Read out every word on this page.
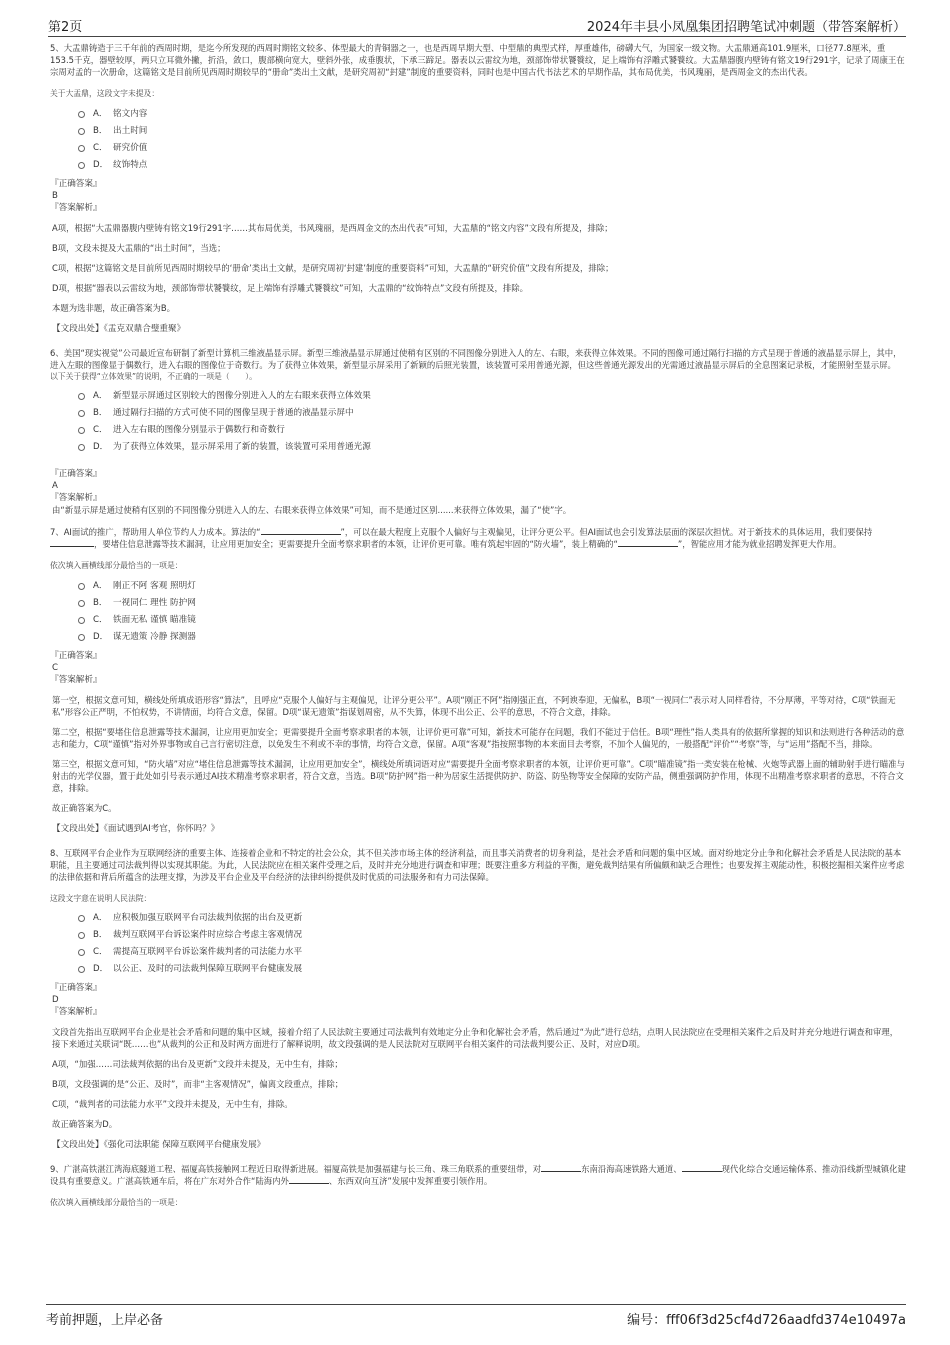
第2页	2024年丰县小凤凰集团招聘笔试冲刺题（带答案解析）

5、大盂鼎铸造于三千年前的西周时期，是迄今所发现的西周时期铭文较多、体型最大的青铜器之一，也是西周早期大型、中型鼎的典型式样，厚重雄伟，磅礴大气，为国家一级文物。大盂鼎通高101.9厘米，口径77.8厘米，重153.5千克，器壁较厚，两只立耳微外撇，折沿，敛口，腹部横向宽大，壁斜外张，成垂腹状，下承三蹄足。器表以云雷纹为地，颈部饰带状饕餮纹，足上端饰有浮雕式饕餮纹。大盂鼎器腹内壁铸有铭文19行291字，记录了周康王在宗周对孟的一次册命，这篇铭文是目前所见西周时期较早的“册命”类出土文献，是研究周初“封建”制度的重要资料，同时也是中国古代书法艺术的早期作品，其布局优美，书风瑰丽，是西周金文的杰出代表。

关于大盂鼎，这段文字未提及：

A． 铭文内容
B． 出土时间
C． 研究价值
D． 纹饰特点

『正确答案』

B

『答案解析』

A项，根据“大盂鼎器腹内壁铸有铭文19行291字……其布局优美，书风瑰丽，是西周金文的杰出代表”可知，大盂鼎的“铭文内容”文段有所提及，排除；

B项，文段未提及大盂鼎的“出土时间”，当选；

C项，根据“这篇铭文是目前所见西周时期较早的‘册命’类出土文献，是研究周初‘封建’制度的重要资料”可知，大盂鼎的“研究价值”文段有所提及，排除；

D项，根据“器表以云雷纹为地，颈部饰带状饕餮纹，足上端饰有浮雕式饕餮纹”可知，大盂鼎的“纹饰特点”文段有所提及，排除。

本题为选非题，故正确答案为B。

【文段出处】《盂克双鼎合璧重聚》

6、美国“现实视觉”公司最近宣布研制了新型计算机三维液晶显示屏。新型三维液晶显示屏通过使稍有区别的不同图像分别进入人的左、右眼，来获得立体效果。不同的图像可通过隔行扫描的方式呈现于普通的液晶显示屏上，其中，进入左眼的图像显于偶数行，进入右眼的图像位于奇数行。为了获得立体效果，新型显示屏采用了新颖的后照光装置，该装置可采用普通光源，但这些普通光源发出的光需通过液晶显示屏后的全息图案记录板，才能照射至显示屏。

以下关于获得“立体效果”的说明，不正确的一项是（　　）。

A． 新型显示屏通过区别较大的图像分别进入人的左右眼来获得立体效果
B． 通过隔行扫描的方式可使不同的图像呈现于普通的液晶显示屏中
C． 进入左右眼的图像分别显示于偶数行和奇数行
D． 为了获得立体效果，显示屏采用了新的装置，该装置可采用普通光源

『正确答案』

A

『答案解析』

由“新显示屏是通过使稍有区别的不同图像分别进入人的左、右眼来获得立体效果”可知，而不是通过区别......来获得立体效果，漏了“使”字。

7、AI面试的推广，帮助用人单位节约人力成本。算法的“	”，可以在最大程度上克服个人偏好与主观偏见，让评分更公平。但AI面试也会引发算法层面的深层次担忧。对于新技术的具体运用，我们要保持，要堵住信息泄露等技术漏洞，让应用更加安全；更需要提升全面考察求职者的本领，让评价更可靠。唯有筑起牢固的“防火墙”，装上精确的“	”，智能应用才能为就业招聘发挥更大作用。

依次填入画横线部分最恰当的一项是：

A． 刚正不阿 客观 照明灯
B． 一视同仁 理性 防护网
C． 铁面无私 谨慎 瞄准镜
D． 谋无遗策 冷静 探测器

『正确答案』

C

『答案解析』

第一空，根据文意可知，横线处所填成语形容“算法”，且呼应“克服个人偏好与主观偏见，让评分更公平”。A项“刚正不阿”指刚强正直，不阿谀奉迎，无偏私，B项“一视同仁”表示对人同样看待，不分厚薄，平等对待，C项“铁面无私”形容公正严明，不怕权势，不讲情面，均符合文意，保留。D项“谋无遗策”指谋划周密，从不失算，体现不出公正、公平的意思，不符合文意，排除。

第二空，根据“要堵住信息泄露等技术漏洞，让应用更加安全；更需要提升全面考察求职者的本领，让评价更可靠”可知，新技术可能存在问题，我们不能过于信任。B项“理性”指人类具有的依据所掌握的知识和法则进行各种活动的意志和能力，C项“谨慎”指对外界事物或自己言行密切注意，以免发生不利或不幸的事情，均符合文意，保留。A项“客观”指按照事物的本来面目去考察，不加个人偏见的，一般搭配“评价”“考察”等，与“运用”搭配不当，排除。

第三空，根据文意可知，“防火墙”对应“堵住信息泄露等技术漏洞，让应用更加安全”，横线处所填词语对应“需要提升全面考察求职者的本领，让评价更可靠”。C项“瞄准镜”指一类安装在枪械、火炮等武器上面的辅助射手进行瞄准与射击的光学仪器，置于此处如引号表示通过AI技术精准考察求职者，符合文意，当选。B项“防护网”指一种为居家生活提供防护、防盗、防坠物等安全保障的安防产品，侧重强调防护作用，体现不出精准考察求职者的意思，不符合文意，排除。

故正确答案为C。

【文段出处】《面试遇到AI考官，你怀吗？》

8、互联网平台企业作为互联网经济的重要主体、连接着企业和不特定的社会公众，其不但关涉市场主体的经济利益，而且事关消费者的切身利益，是社会矛盾和问题的集中区域。面对纷地定分止争和化解社会矛盾是人民法院的基本职能，且主要通过司法裁判得以实现其职能。为此，人民法院应在相关案件受理之后，及时并充分地进行调查和审理；既要注重多方利益的平衡，避免裁判结果有所偏颇和缺乏合理性；也要发挥主观能动性，积极挖掘相关案件应考虑的法律依据和背后所蕴含的法理支撑，为涉及平台企业及平台经济的法律纠纷提供及时优质的司法服务和有力司法保障。

这段文字意在说明人民法院：

A． 应积极加强互联网平台司法裁判依据的出台及更新
B． 裁判互联网平台诉讼案件时应综合考虑主客观情况
C． 需提高互联网平台诉讼案件裁判者的司法能力水平
D． 以公正、及时的司法裁判保障互联网平台健康发展

『正确答案』

D

『答案解析』

文段首先指出互联网平台企业是社会矛盾和问题的集中区域，接着介绍了人民法院主要通过司法裁判有效地定分止争和化解社会矛盾，然后通过“为此”进行总结，点明人民法院应在受理相关案件之后及时并充分地进行调查和审理，接下来通过关联词“既……也”从裁判的公正和及时两方面进行了解释说明，故文段强调的是人民法院对互联网平台相关案件的司法裁判要公正、及时，对应D项。

A项，“加强……司法裁判依据的出台及更新”文段并未提及，无中生有，排除；

B项，文段强调的是“公正、及时”，而非“主客观情况”，偏离文段重点，排除；

C项，“裁判者的司法能力水平”文段并未提及，无中生有，排除。

故正确答案为D。

【文段出处】《强化司法职能 保障互联网平台健康发展》

9、广湛高铁湛江湾海底隧道工程、福厦高铁接触网工程近日取得新进展。福厦高铁是加强福建与长三角、珠三角联系的重要纽带，对	东南沿海高速铁路大通道、	现代化综合交通运输体系、推动沿线新型城镇化建设具有重要意义。广湛高铁通车后，将在广东对外合作“陆海内外	、东西双向互济”发展中发挥重要引领作用。

依次填入画横线部分最恰当的一项是：

考前押题，上岸必备	编号：fff06f3d25cf4d726aadfd374e10497a
